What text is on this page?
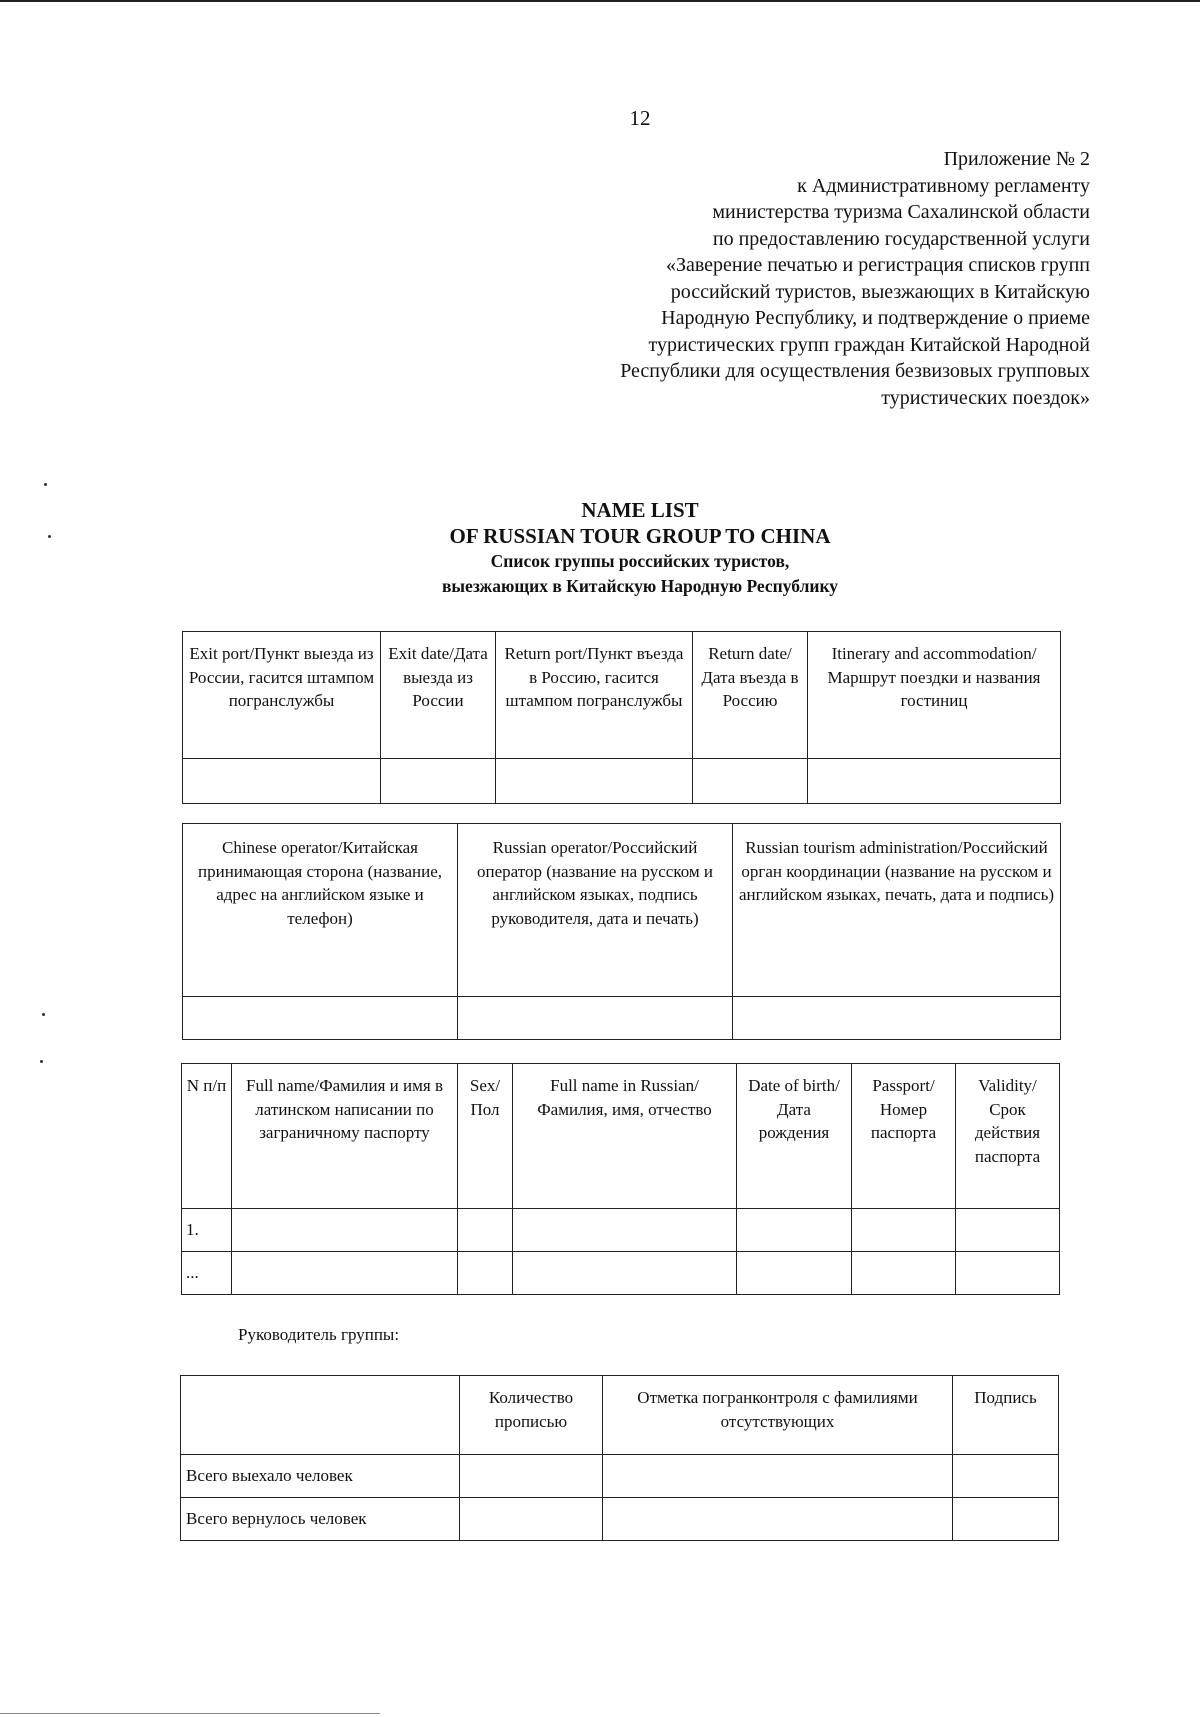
12
Приложение № 2
к Административному регламенту
министерства туризма Сахалинской области
по предоставлению государственной услуги
«Заверение печатью и регистрация списков групп
российский туристов, выезжающих в Китайскую
Народную Республику, и подтверждение о приеме
туристических групп граждан Китайской Народной
Республики для осуществления безвизовых групповых
туристических поездок»
NAME LIST
OF RUSSIAN TOUR GROUP TO CHINA
Список группы российских туристов,
выезжающих в Китайскую Народную Республику
Exit port/Пункт выезда из России, гасится штампом погранслужбы	Exit date/Дата выезда из России	Return port/Пункт въезда в Россию, гасится штампом погранслужбы	Return date/Дата въезда в Россию	Itinerary and accommodation/Маршрут поездки и названия гостиниц

Chinese operator/Китайская принимающая сторона (название, адрес на английском языке и телефон)	Russian operator/Российский оператор (название на русском и английском языках, подпись руководителя, дата и печать)	Russian tourism administration/Российский орган координации (название на русском и английском языках, печать, дата и подпись)

N п/п	Full name/Фамилия и имя в латинском написании по заграничному паспорту	Sex/ Пол	Full name in Russian/Фамилия, имя, отчество	Date of birth/Дата рождения	Passport/ Номер паспорта	Validity/ Срок действия паспорта
1.						
...						
Руководитель группы:
	Количество прописью	Отметка погранконтроля с фамилиями отсутствующих	Подпись
Всего выехало человек			
Всего вернулось человек			
